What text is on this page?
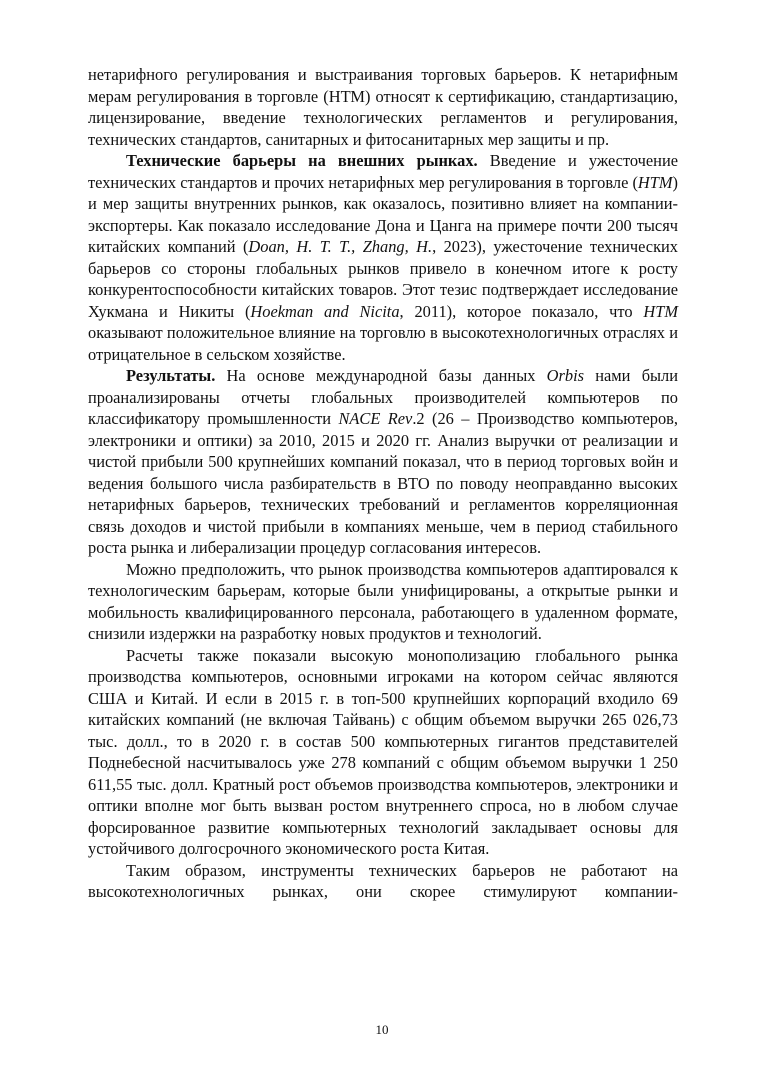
нетарифного регулирования и выстраивания торговых барьеров. К нетарифным мерам регулирования в торговле (НТМ) относят к сертификацию, стандартизацию, лицензирование, введение технологических регламентов и регулирования, технических стандартов, санитарных и фитосанитарных мер защиты и пр.

Технические барьеры на внешних рынках. Введение и ужесточение технических стандартов и прочих нетарифных мер регулирования в торговле (НТМ) и мер защиты внутренних рынков, как оказалось, позитивно влияет на компании-экспортеры. Как показало исследование Дона и Цанга на примере почти 200 тысяч китайских компаний (Doan, H. T. T., Zhang, H., 2023), ужесточение технических барьеров со стороны глобальных рынков привело в конечном итоге к росту конкурентоспособности китайских товаров. Этот тезис подтверждает исследование Хукмана и Никиты (Hoekman and Nicita, 2011), которое показало, что НТМ оказывают положительное влияние на торговлю в высокотехнологичных отраслях и отрицательное в сельском хозяйстве.

Результаты. На основе международной базы данных Orbis нами были проанализированы отчеты глобальных производителей компьютеров по классификатору промышленности NACE Rev.2 (26 – Производство компьютеров, электроники и оптики) за 2010, 2015 и 2020 гг. Анализ выручки от реализации и чистой прибыли 500 крупнейших компаний показал, что в период торговых войн и ведения большого числа разбирательств в ВТО по поводу неоправданно высоких нетарифных барьеров, технических требований и регламентов корреляционная связь доходов и чистой прибыли в компаниях меньше, чем в период стабильного роста рынка и либерализации процедур согласования интересов.

Можно предположить, что рынок производства компьютеров адаптировался к технологическим барьерам, которые были унифицированы, а открытые рынки и мобильность квалифицированного персонала, работающего в удаленном формате, снизили издержки на разработку новых продуктов и технологий.

Расчеты также показали высокую монополизацию глобального рынка производства компьютеров, основными игроками на котором сейчас являются США и Китай. И если в 2015 г. в топ-500 крупнейших корпораций входило 69 китайских компаний (не включая Тайвань) с общим объемом выручки 265 026,73 тыс. долл., то в 2020 г. в состав 500 компьютерных гигантов представителей Поднебесной насчитывалось уже 278 компаний с общим объемом выручки 1 250 611,55 тыс. долл. Кратный рост объемов производства компьютеров, электроники и оптики вполне мог быть вызван ростом внутреннего спроса, но в любом случае форсированное развитие компьютерных технологий закладывает основы для устойчивого долгосрочного экономического роста Китая.

Таким образом, инструменты технических барьеров не работают на высокотехнологичных рынках, они скорее стимулируют компании-

10
